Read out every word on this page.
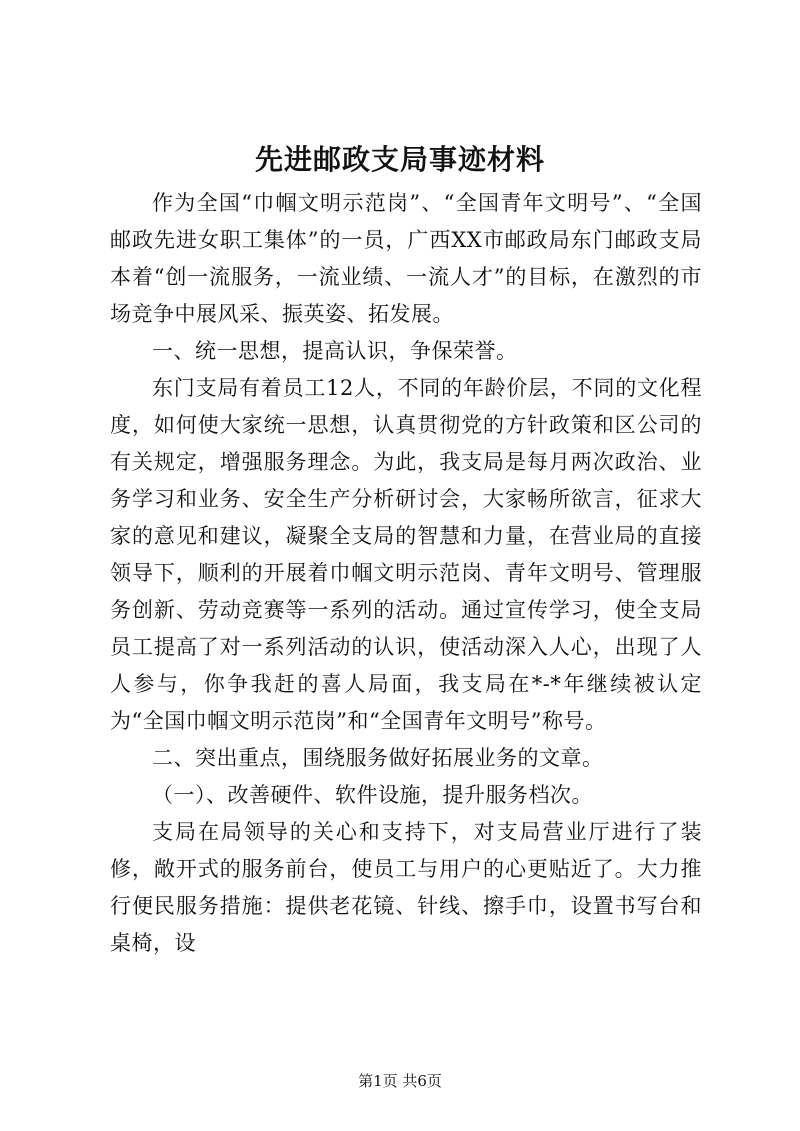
先进邮政支局事迹材料

作为全国“巾帼文明示范岗”、“全国青年文明号”、“全国邮政先进女职工集体”的一员，广西XX市邮政局东门邮政支局本着“创一流服务，一流业绩、一流人才”的目标，在激烈的市场竞争中展风采、振英姿、拓发展。

一、统一思想，提高认识，争保荣誉。

东门支局有着员工12人，不同的年龄价层，不同的文化程度，如何使大家统一思想，认真贯彻党的方针政策和区公司的有关规定，增强服务理念。为此，我支局是每月两次政治、业务学习和业务、安全生产分析研讨会，大家畅所欲言，征求大家的意见和建议，凝聚全支局的智慧和力量，在营业局的直接领导下，顺利的开展着巾帼文明示范岗、青年文明号、管理服务创新、劳动竞赛等一系列的活动。通过宣传学习，使全支局员工提高了对一系列活动的认识，使活动深入人心，出现了人人参与，你争我赶的喜人局面，我支局在*-*年继续被认定为“全国巾帼文明示范岗”和“全国青年文明号”称号。

二、突出重点，围绕服务做好拓展业务的文章。

（一）、改善硬件、软件设施，提升服务档次。

支局在局领导的关心和支持下，对支局营业厅进行了装修，敞开式的服务前台，使员工与用户的心更贴近了。大力推行便民服务措施：提供老花镜、针线、擦手巾，设置书写台和桌椅，设

第1页 共6页
